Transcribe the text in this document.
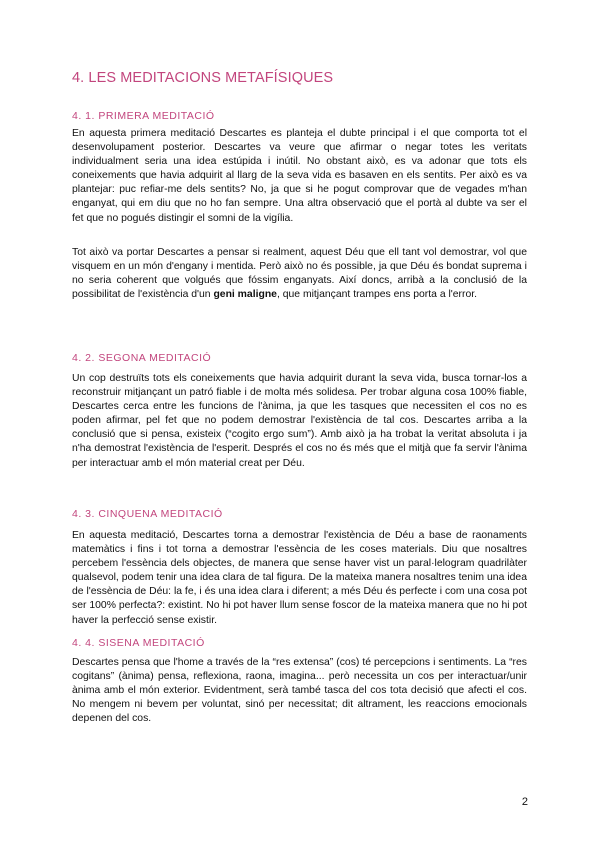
4. LES MEDITACIONS METAFÍSIQUES
4. 1. PRIMERA MEDITACIÓ

En aquesta primera meditació Descartes es planteja el dubte principal i el que comporta tot el desenvolupament posterior. Descartes va veure que afirmar o negar totes les veritats individualment seria una idea estúpida i inútil. No obstant això, es va adonar que tots els coneixements que havia adquirit al llarg de la seva vida es basaven en els sentits. Per això es va plantejar: puc refiar-me dels sentits? No, ja que si he pogut comprovar que de vegades m'han enganyat, qui em diu que no ho fan sempre. Una altra observació que el portà al dubte va ser el fet que no pogués distingir el somni de la vigília.

Tot això va portar Descartes a pensar si realment, aquest Déu que ell tant vol demostrar, vol que visquem en un món d'engany i mentida. Però això no és possible, ja que Déu és bondat suprema i no seria coherent que volgués que fóssim enganyats. Així doncs, arribà a la conclusió de la possibilitat de l'existència d'un geni maligne, que mitjançant trampes ens porta a l'error.

4. 2. SEGONA MEDITACIÓ

Un cop destruïts tots els coneixements que havia adquirit durant la seva vida, busca tornar-los a reconstruir mitjançant un patró fiable i de molta més solidesa. Per trobar alguna cosa 100% fiable, Descartes cerca entre les funcions de l'ànima, ja que les tasques que necessiten el cos no es poden afirmar, pel fet que no podem demostrar l'existència de tal cos. Descartes arriba a la conclusió que si pensa, existeix (“cogito ergo sum”). Amb això ja ha trobat la veritat absoluta i ja n'ha demostrat l'existència de l'esperit. Després el cos no és més que el mitjà que fa servir l'ànima per interactuar amb el món material creat per Déu.

4. 3. CINQUENA MEDITACIÓ

En aquesta meditació, Descartes torna a demostrar l'existència de Déu a base de raonaments matemàtics i fins i tot torna a demostrar l'essència de les coses materials. Diu que nosaltres percebem l'essència dels objectes, de manera que sense haver vist un paral·lelogram quadrilàter qualsevol, podem tenir una idea clara de tal figura. De la mateixa manera nosaltres tenim una idea de l'essència de Déu: la fe, i és una idea clara i diferent; a més Déu és perfecte i com una cosa pot ser 100% perfecta?: existint. No hi pot haver llum sense foscor de la mateixa manera que no hi pot haver la perfecció sense existir.

4. 4. SISENA MEDITACIÓ

Descartes pensa que l'home a través de la “res extensa” (cos) té percepcions i sentiments. La “res cogitans” (ànima) pensa, reflexiona, raona, imagina... però necessita un cos per interactuar/unir ànima amb el món exterior. Evidentment, serà també tasca del cos tota decisió que afecti el cos. No mengem ni bevem per voluntat, sinó per necessitat; dit altrament, les reaccions emocionals depenen del cos.

2
